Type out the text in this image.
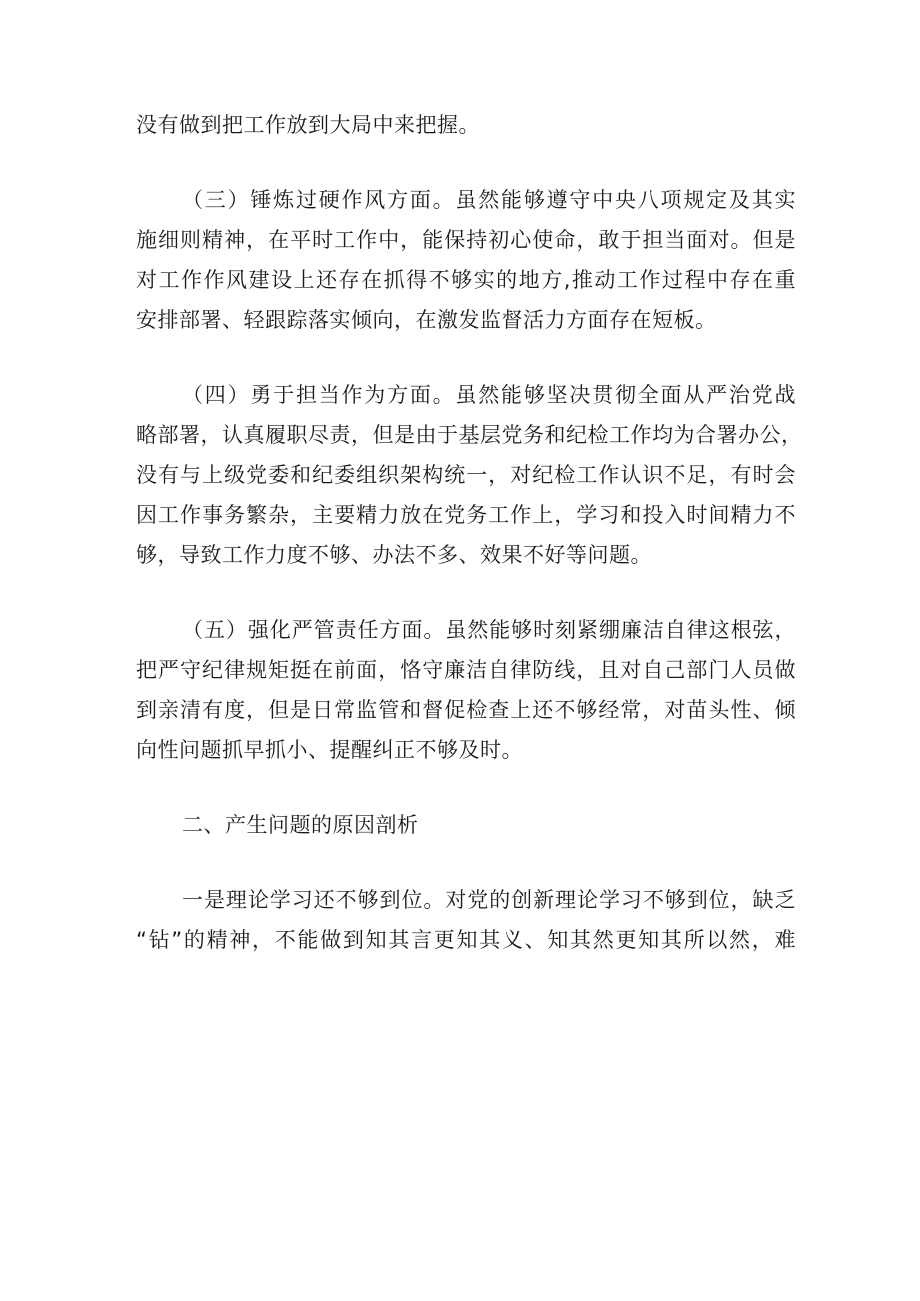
没有做到把工作放到大局中来把握。
（三）锤炼过硬作风方面。虽然能够遵守中央八项规定及其实
施细则精神，在平时工作中，能保持初心使命，敢于担当面对。但是
对工作作风建设上还存在抓得不够实的地方,推动工作过程中存在重
安排部署、轻跟踪落实倾向，在激发监督活力方面存在短板。
（四）勇于担当作为方面。虽然能够坚决贯彻全面从严治党战
略部署，认真履职尽责，但是由于基层党务和纪检工作均为合署办公，
没有与上级党委和纪委组织架构统一，对纪检工作认识不足，有时会
因工作事务繁杂，主要精力放在党务工作上，学习和投入时间精力不
够，导致工作力度不够、办法不多、效果不好等问题。
（五）强化严管责任方面。虽然能够时刻紧绷廉洁自律这根弦，
把严守纪律规矩挺在前面，恪守廉洁自律防线，且对自己部门人员做
到亲清有度，但是日常监管和督促检查上还不够经常，对苗头性、倾
向性问题抓早抓小、提醒纠正不够及时。
二、产生问题的原因剖析
一是理论学习还不够到位。对党的创新理论学习不够到位，缺乏
“钻”的精神，不能做到知其言更知其义、知其然更知其所以然，难
